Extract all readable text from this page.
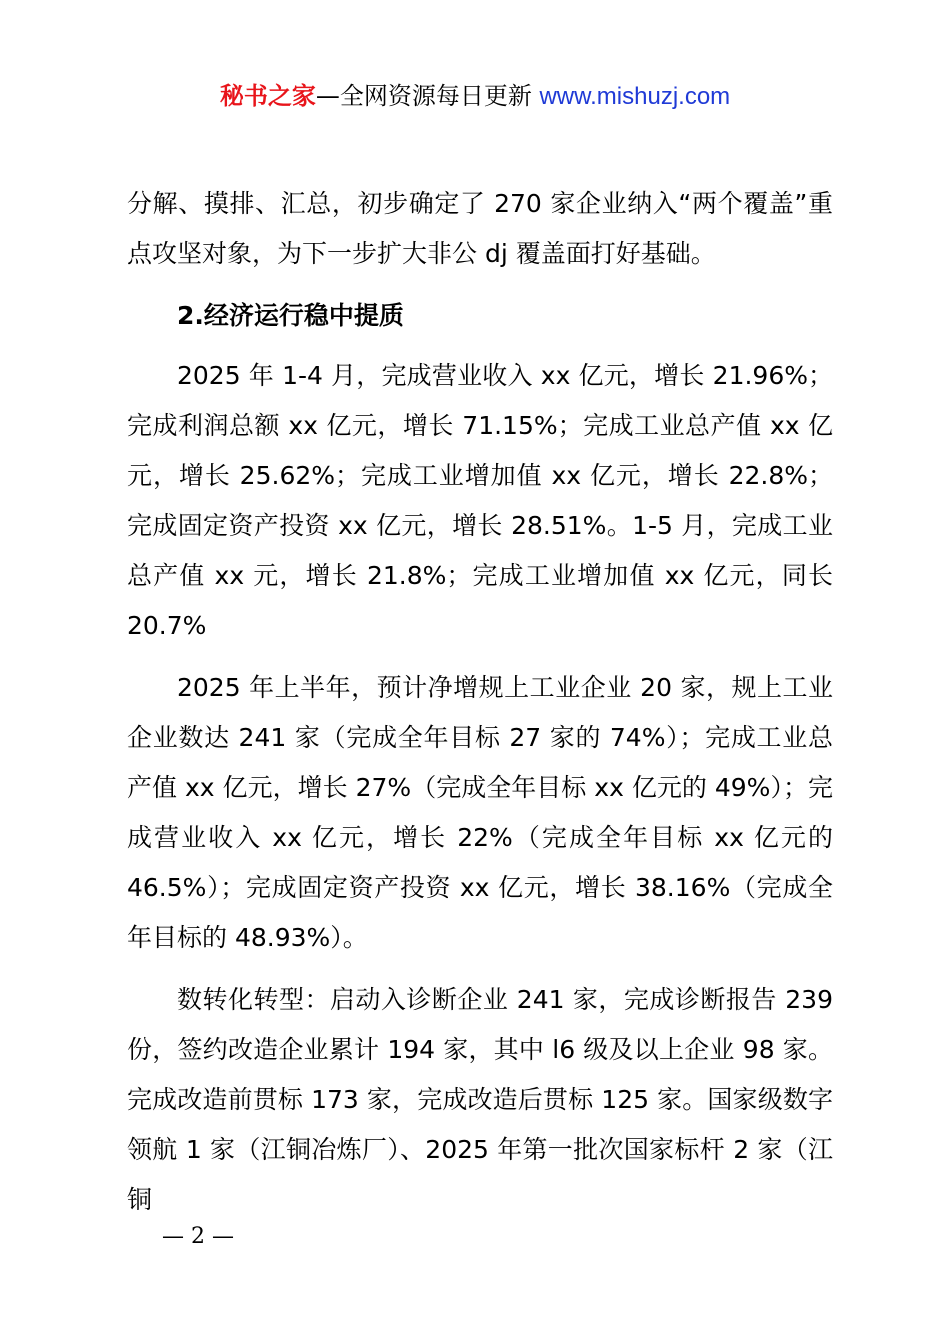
秘书之家—全网资源每日更新 www.mishuzj.com

分解、摸排、汇总，初步确定了 270 家企业纳入“两个覆盖”重点攻坚对象，为下一步扩大非公 dj 覆盖面打好基础。

2.经济运行稳中提质

2025 年 1-4 月，完成营业收入 xx 亿元，增长 21.96%；完成利润总额 xx 亿元，增长 71.15%；完成工业总产值 xx 亿元，增长 25.62%；完成工业增加值 xx 亿元，增长 22.8%；完成固定资产投资 xx 亿元，增长 28.51%。1-5 月，完成工业总产值 xx 元，增长 21.8%；完成工业增加值 xx 亿元，同长 20.7%

2025 年上半年，预计净增规上工业企业 20 家，规上工业企业数达 241 家（完成全年目标 27 家的 74%）；完成工业总产值 xx 亿元，增长 27%（完成全年目标 xx 亿元的 49%）；完成营业收入 xx 亿元，增长 22%（完成全年目标 xx 亿元的

46.5%）；完成固定资产投资 xx 亿元，增长 38.16%（完成全年目标的 48.93%）。

数转化转型：启动入诊断企业 241 家，完成诊断报告 239 份，签约改造企业累计 194 家，其中 l6 级及以上企业 98 家。完成改造前贯标 173 家，完成改造后贯标 125 家。国家级数字领航 1 家（江铜冶炼厂）、2025 年第一批次国家标杆 2 家（江铜

— 2 —
